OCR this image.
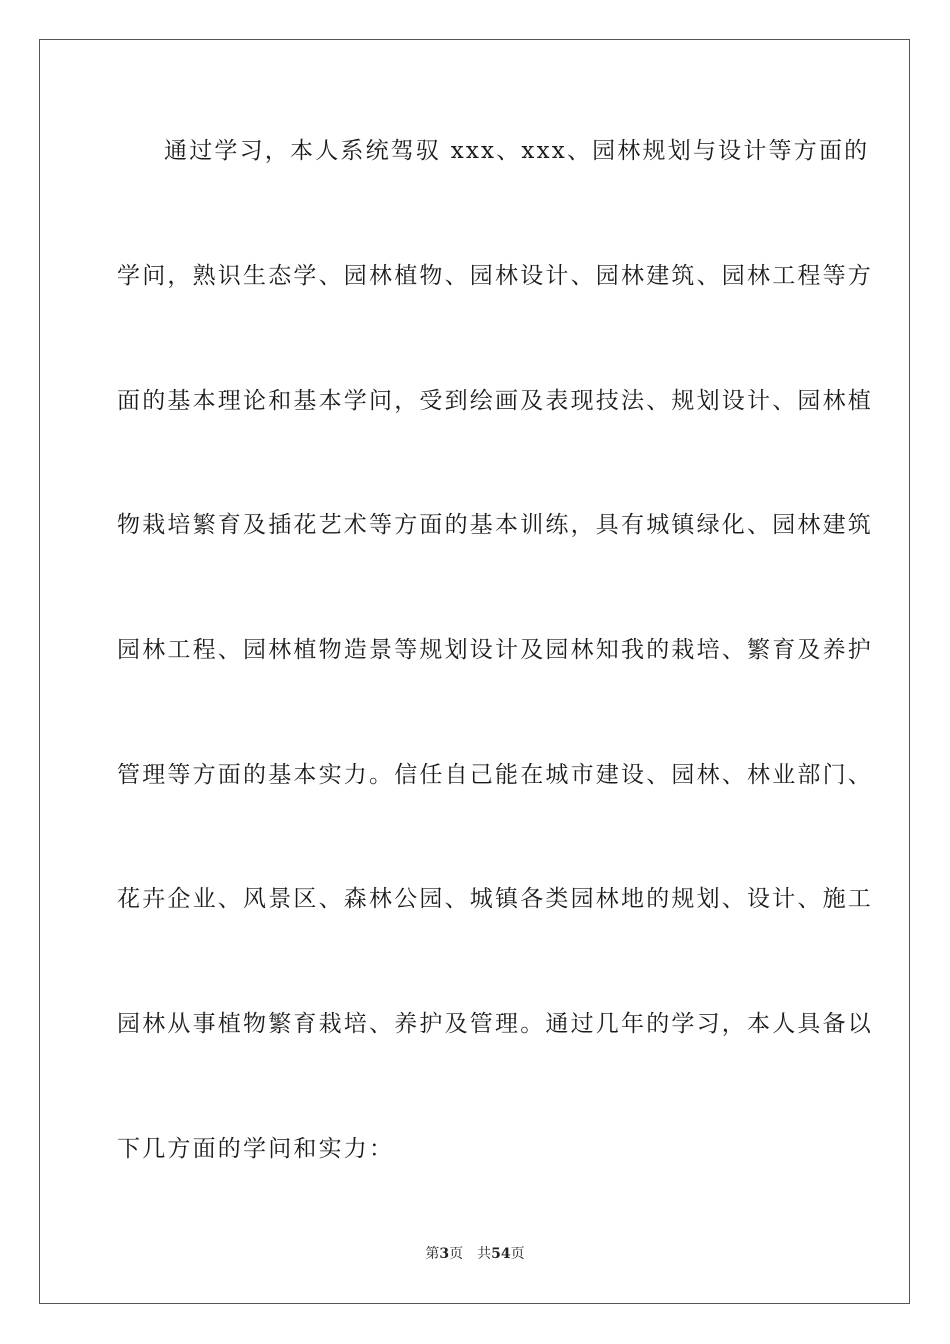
通过学习，本人系统驾驭 xxx、xxx、园林规划与设计等方面的
学问，熟识生态学、园林植物、园林设计、园林建筑、园林工程等方
面的基本理论和基本学问，受到绘画及表现技法、规划设计、园林植
物栽培繁育及插花艺术等方面的基本训练，具有城镇绿化、园林建筑
园林工程、园林植物造景等规划设计及园林知我的栽培、繁育及养护
管理等方面的基本实力。信任自己能在城市建设、园林、林业部门、
花卉企业、风景区、森林公园、城镇各类园林地的规划、设计、施工
园林从事植物繁育栽培、养护及管理。通过几年的学习，本人具备以
下几方面的学问和实力：
第3页 共54页
